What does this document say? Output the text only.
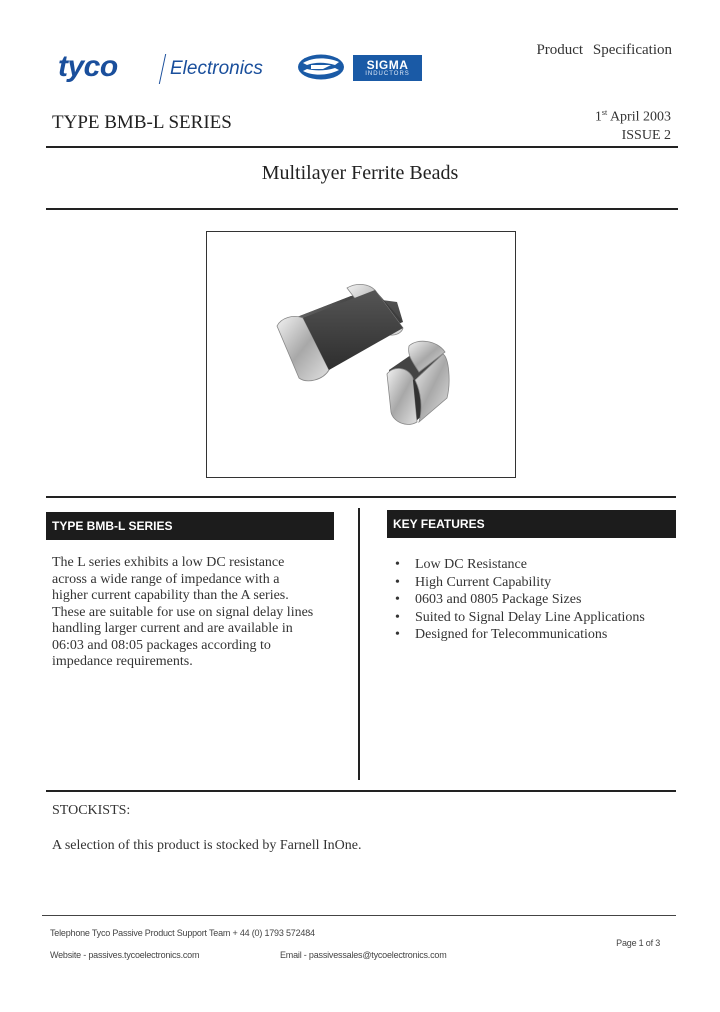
tyco	Electronics	SIGMA
INDUCTORS
Product Specification
TYPE BMB-L SERIES	1st April 2003
ISSUE 2
Multilayer Ferrite Beads
TYPE BMB-L SERIES
The L series exhibits a low DC resistance
across a wide range of impedance with a
higher current capability than the A series.
These are suitable for use on signal delay lines
handling larger current and are available in
06:03 and 08:05 packages according to
impedance requirements.
KEY FEATURES
• Low DC Resistance
• High Current Capability
• 0603 and 0805 Package Sizes
• Suited to Signal Delay Line Applications
• Designed for Telecommunications
STOCKISTS:
A selection of this product is stocked by Farnell InOne.
Telephone Tyco Passive Product Support Team + 44 (0) 1793 572484
Page 1 of 3
Website - passives.tycoelectronics.com	Email - passivessales@tycoelectronics.com
